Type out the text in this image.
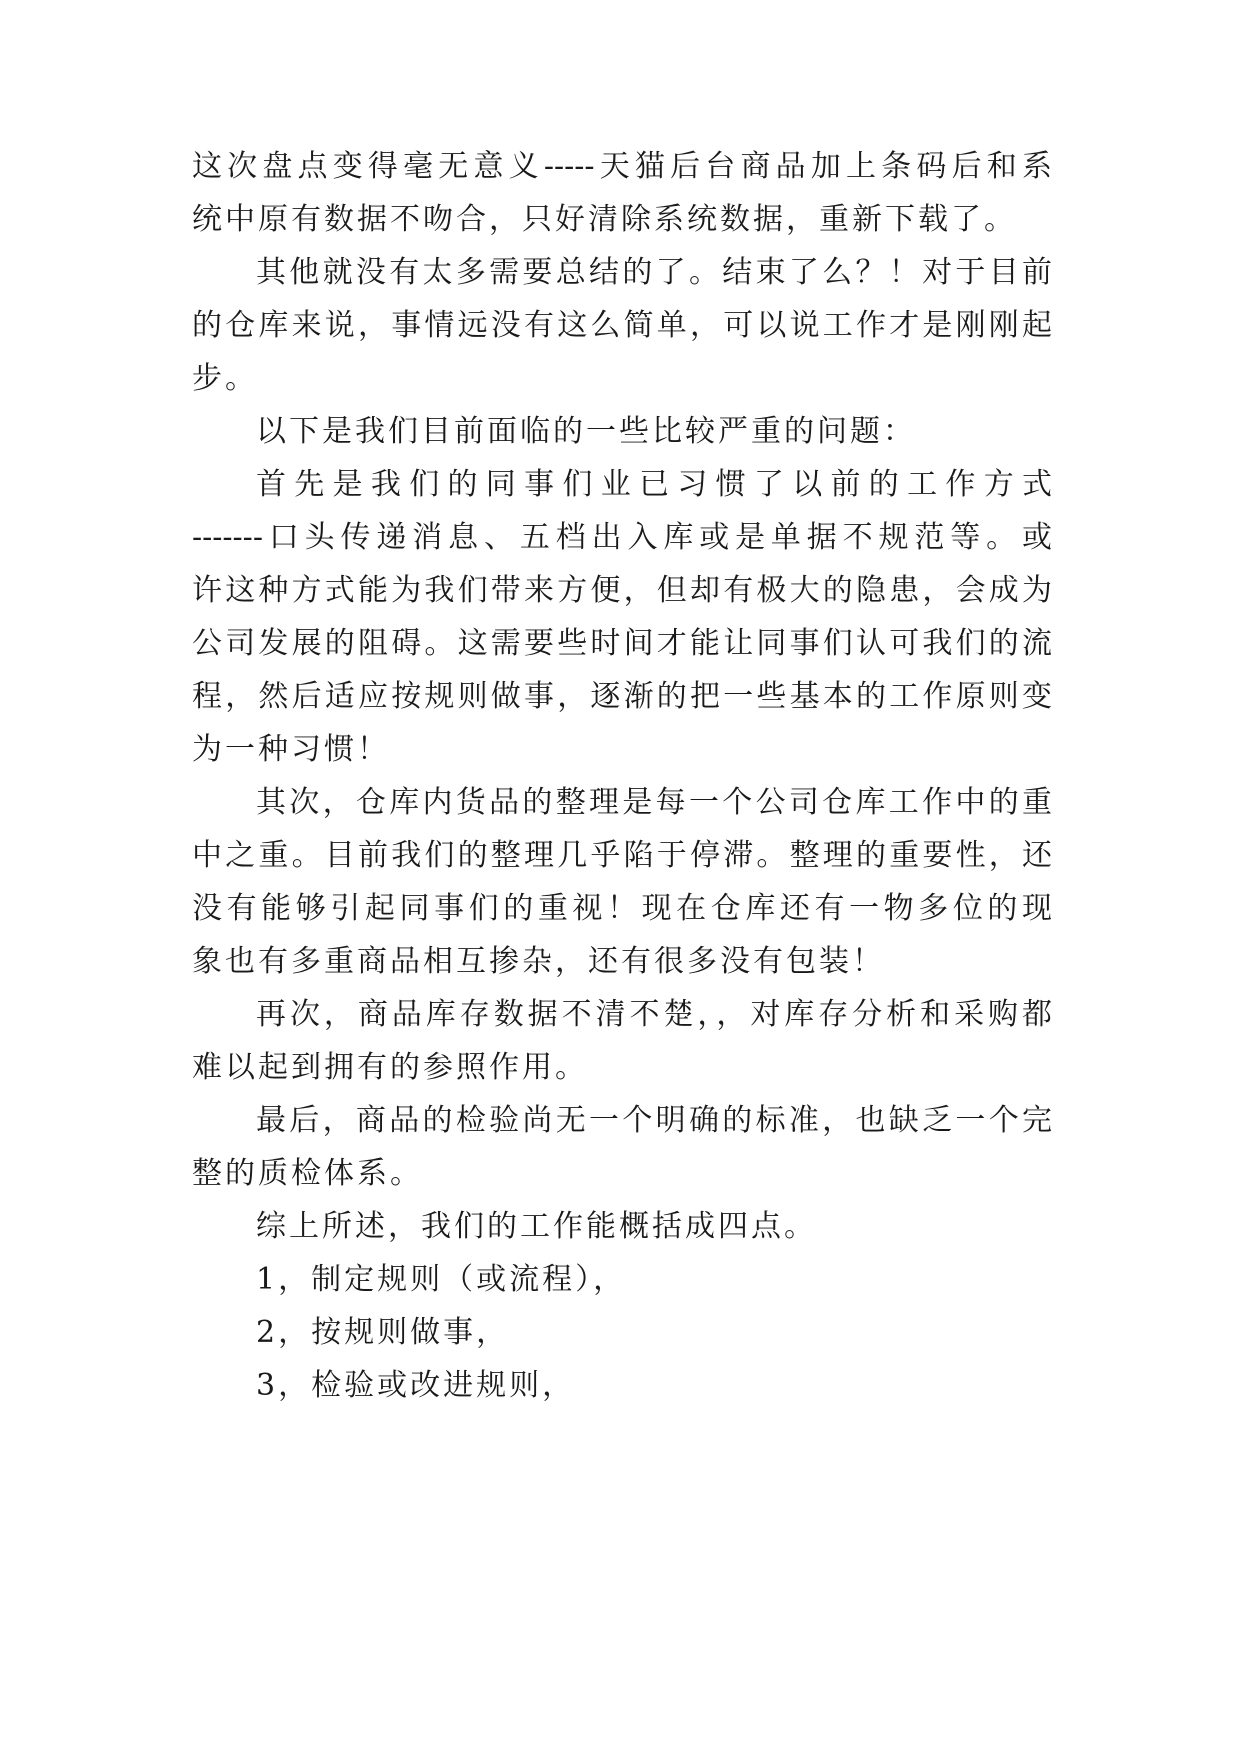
这次盘点变得毫无意义-----天猫后台商品加上条码后和系
统中原有数据不吻合，只好清除系统数据，重新下载了。
其他就没有太多需要总结的了。结束了么？！对于目前
的仓库来说，事情远没有这么简单，可以说工作才是刚刚起
步。
以下是我们目前面临的一些比较严重的问题：
首先是我们的同事们业已习惯了以前的工作方式
-------口头传递消息、五档出入库或是单据不规范等。或
许这种方式能为我们带来方便，但却有极大的隐患，会成为
公司发展的阻碍。这需要些时间才能让同事们认可我们的流
程，然后适应按规则做事，逐渐的把一些基本的工作原则变
为一种习惯！
其次，仓库内货品的整理是每一个公司仓库工作中的重
中之重。目前我们的整理几乎陷于停滞。整理的重要性，还
没有能够引起同事们的重视！现在仓库还有一物多位的现
象也有多重商品相互掺杂，还有很多没有包装！
再次，商品库存数据不清不楚，，对库存分析和采购都
难以起到拥有的参照作用。
最后，商品的检验尚无一个明确的标准，也缺乏一个完
整的质检体系。
综上所述，我们的工作能概括成四点。
1，制定规则（或流程），
2，按规则做事，
3，检验或改进规则，
